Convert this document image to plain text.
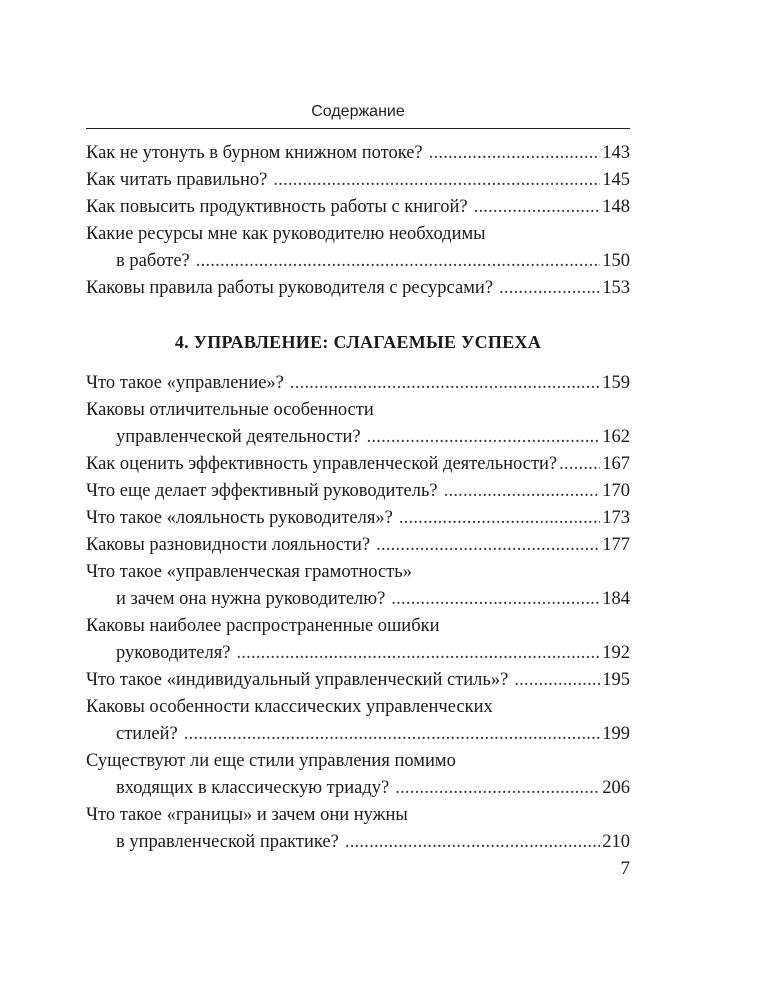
Содержание
Как не утонуть в бурном книжном потоке? . . .	143
Как читать правильно? . . .	145
Как повысить продуктивность работы с книгой? . . .	148
Какие ресурсы мне как руководителю необходимы
в работе? . . .	150
Каковы правила работы руководителя с ресурсами? . . .	153
4. УПРАВЛЕНИЕ: СЛАГАЕМЫЕ УСПЕХА
Что такое «управление»? . . .	159
Каковы отличительные особенности
управленческой деятельности? . . .	162
Как оценить эффективность управленческой деятельности? . . . 167
Что еще делает эффективный руководитель? . . .	170
Что такое «лояльность руководителя»? . . .	173
Каковы разновидности лояльности? . . .	177
Что такое «управленческая грамотность»
и зачем она нужна руководителю? . . .	184
Каковы наиболее распространенные ошибки
руководителя? . . .	192
Что такое «индивидуальный управленческий стиль»? . . .	195
Каковы особенности классических управленческих
стилей? . . .	199
Существуют ли еще стили управления помимо
входящих в классическую триаду? . . .	206
Что такое «границы» и зачем они нужны
в управленческой практике? . . .	210
7
